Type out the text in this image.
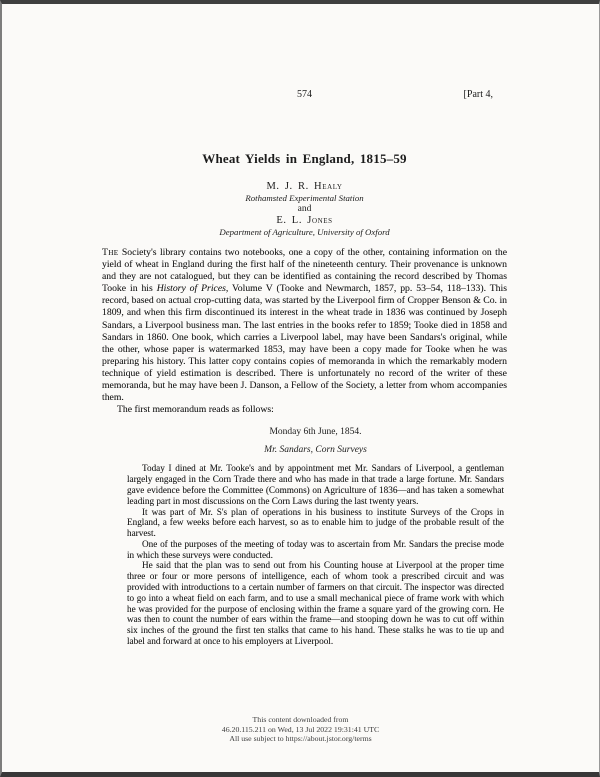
574	[Part 4,
Wheat Yields in England, 1815–59
M. J. R. Healy
Rothamsted Experimental Station
and
E. L. Jones
Department of Agriculture, University of Oxford

The Society's library contains two notebooks, one a copy of the other, containing information on the yield of wheat in England during the first half of the nineteenth century. Their provenance is unknown and they are not catalogued, but they can be identified as containing the record described by Thomas Tooke in his History of Prices, Volume V (Tooke and Newmarch, 1857, pp. 53–54, 118–133). This record, based on actual crop-cutting data, was started by the Liverpool firm of Cropper Benson & Co. in 1809, and when this firm discontinued its interest in the wheat trade in 1836 was continued by Joseph Sandars, a Liverpool business man. The last entries in the books refer to 1859; Tooke died in 1858 and Sandars in 1860. One book, which carries a Liverpool label, may have been Sandars's original, while the other, whose paper is watermarked 1853, may have been a copy made for Tooke when he was preparing his history. This latter copy contains copies of memoranda in which the remarkably modern technique of yield estimation is described. There is unfortunately no record of the writer of these memoranda, but he may have been J. Danson, a Fellow of the Society, a letter from whom accompanies them.

The first memorandum reads as follows:

Monday 6th June, 1854.
Mr. Sandars, Corn Surveys

Today I dined at Mr. Tooke's and by appointment met Mr. Sandars of Liverpool, a gentleman largely engaged in the Corn Trade there and who has made in that trade a large fortune. Mr. Sandars gave evidence before the Committee (Commons) on Agriculture of 1836—and has taken a somewhat leading part in most discussions on the Corn Laws during the last twenty years.

It was part of Mr. S's plan of operations in his business to institute Surveys of the Crops in England, a few weeks before each harvest, so as to enable him to judge of the probable result of the harvest.

One of the purposes of the meeting of today was to ascertain from Mr. Sandars the precise mode in which these surveys were conducted.

He said that the plan was to send out from his Counting house at Liverpool at the proper time three or four or more persons of intelligence, each of whom took a prescribed circuit and was provided with introductions to a certain number of farmers on that circuit. The inspector was directed to go into a wheat field on each farm, and to use a small mechanical piece of frame work with which he was provided for the purpose of enclosing within the frame a square yard of the growing corn. He was then to count the number of ears within the frame—and stooping down he was to cut off within six inches of the ground the first ten stalks that came to his hand. These stalks he was to tie up and label and forward at once to his employers at Liverpool.

This content downloaded from
46.20.115.211 on Wed, 13 Jul 2022 19:31:41 UTC
All use subject to https://about.jstor.org/terms
